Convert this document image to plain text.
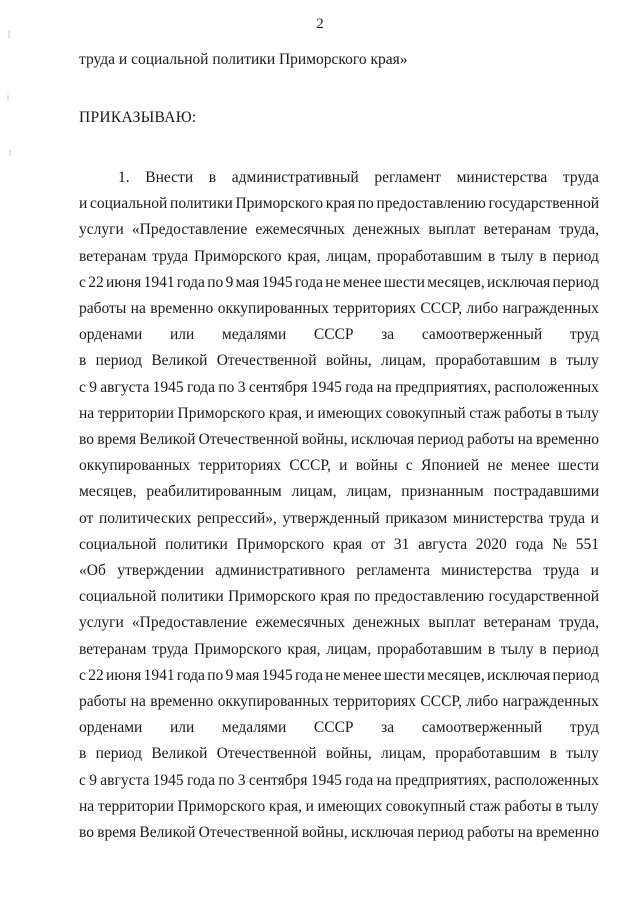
2
труда и социальной политики Приморского края»
ПРИКАЗЫВАЮ:
1. Внести в административный регламент министерства труда
и социальной политики Приморского края по предоставлению государственной
услуги «Предоставление ежемесячных денежных выплат ветеранам труда,
ветеранам труда Приморского края, лицам, проработавшим в тылу в период
с 22 июня 1941 года по 9 мая 1945 года не менее шести месяцев, исключая период
работы на временно оккупированных территориях СССР, либо награжденных
орденами или медалями СССР за самоотверженный труд
в период Великой Отечественной войны, лицам, проработавшим в тылу
с 9 августа 1945 года по 3 сентября 1945 года на предприятиях, расположенных
на территории Приморского края, и имеющих совокупный стаж работы в тылу
во время Великой Отечественной войны, исключая период работы на временно
оккупированных территориях СССР, и войны с Японией не менее шести
месяцев, реабилитированным лицам, лицам, признанным пострадавшими
от политических репрессий», утвержденный приказом министерства труда и
социальной политики Приморского края от 31 августа 2020 года № 551
«Об утверждении административного регламента министерства труда и
социальной политики Приморского края по предоставлению государственной
услуги «Предоставление ежемесячных денежных выплат ветеранам труда,
ветеранам труда Приморского края, лицам, проработавшим в тылу в период
с 22 июня 1941 года по 9 мая 1945 года не менее шести месяцев, исключая период
работы на временно оккупированных территориях СССР, либо награжденных
орденами или медалями СССР за самоотверженный труд
в период Великой Отечественной войны, лицам, проработавшим в тылу
с 9 августа 1945 года по 3 сентября 1945 года на предприятиях, расположенных
на территории Приморского края, и имеющих совокупный стаж работы в тылу
во время Великой Отечественной войны, исключая период работы на временно
